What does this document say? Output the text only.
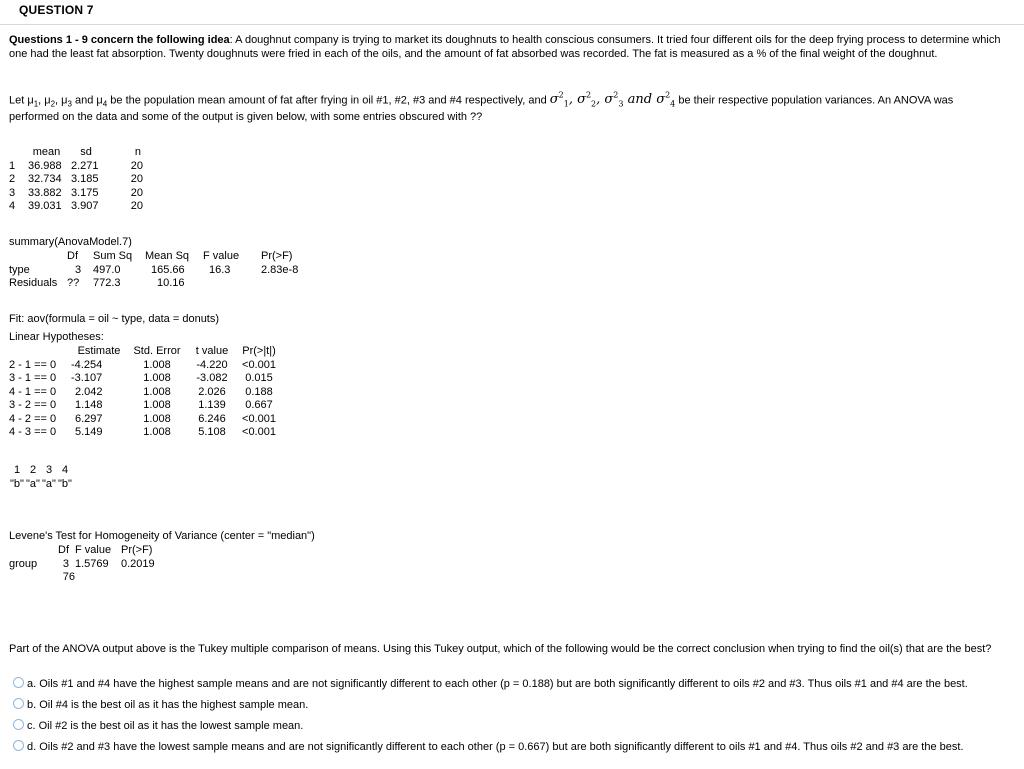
QUESTION 7
Questions 1 - 9 concern the following idea: A doughnut company is trying to market its doughnuts to health conscious consumers. It tried four different oils for the deep frying process to determine which one had the least fat absorption. Twenty doughnuts were fried in each of the oils, and the amount of fat absorbed was recorded. The fat is measured as a % of the final weight of the doughnut.
Let $\mu_1$, $\mu_2$, $\mu_3$ and $\mu_4$ be the population mean amount of fat after frying in oil #1, #2, #3 and #4 respectively, and $\sigma^2_1$, $\sigma^2_2$, $\sigma^2_3$ and $\sigma^2_4$ be their respective population variances. An ANOVA was
performed on the data and some of the output is given below, with some entries obscured with ??
	mean	sd	n
1	36.988	2.271	20
2	32.734	3.185	20
3	33.882	3.175	20
4	39.031	3.907	20
summary(AnovaModel.7)
	Df	Sum Sq	Mean Sq	F value	Pr(>F)
type	3	497.0	165.66	16.3	2.83e-8
Residuals	??	772.3	10.16		
Fit: aov(formula = oil ~ type, data = donuts)
Linear Hypotheses:
	Estimate	Std. Error	t value	Pr(>|t|)
2 - 1 == 0	-4.254	1.008	-4.220	<0.001
3 - 1 == 0	-3.107	1.008	-3.082	0.015
4 - 1 == 0	2.042	1.008	2.026	0.188
3 - 2 == 0	1.148	1.008	1.139	0.667
4 - 2 == 0	6.297	1.008	6.246	<0.001
4 - 3 == 0	5.149	1.008	5.108	<0.001
1	2	3	4
"b"	"a"	"a"	"b"
Levene's Test for Homogeneity of Variance (center = "median")
	Df	F value	Pr(>F)
group	3	1.5769	0.2019
	76		
Part of the ANOVA output above is the Tukey multiple comparison of means. Using this Tukey output, which of the following would be the correct conclusion when trying to find the oil(s) that are the best?
a. Oils #1 and #4 have the highest sample means and are not significantly different to each other (p = 0.188) but are both significantly different to oils #2 and #3. Thus oils #1 and #4 are the best.
b. Oil #4 is the best oil as it has the highest sample mean.
c. Oil #2 is the best oil as it has the lowest sample mean.
d. Oils #2 and #3 have the lowest sample means and are not significantly different to each other (p = 0.667) but are both significantly different to oils #1 and #4. Thus oils #2 and #3 are the best.
